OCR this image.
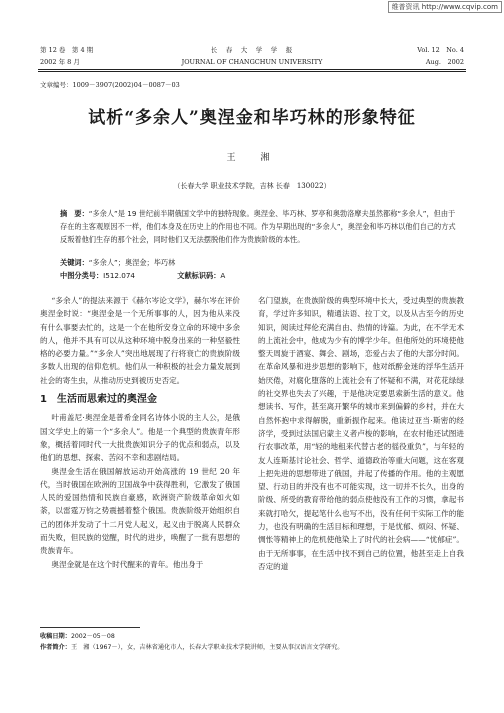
维普资讯 http://www.cqvip.com
第 12 卷　第 4 期	长　春　大　学　学　报	Vol. 12　No. 4
2002 年 8 月	JOURNAL OF CHANGCHUN UNIVERSITY	Aug.　2002
文章编号：1009－3907(2002)04－0087－03
试析“多余人”奥涅金和毕巧林的形象特征
王　湘
（长春大学 职业技术学院，吉林 长春　130022）
摘　要：“多余人”是 19 世纪前半期俄国文学中的独特现象。奥涅金、毕巧林、罗亭和奥勃洛摩夫虽然都称“多余人”，但由于存在的主客观原因不一样，他们本身及在历史上的作用也不同。作为早期出现的“多余人”，奥涅金和毕巧林以他们自己的方式反叛着他们生存的那个社会，同时他们又无法摆脱他们作为贵族阶级的本性。
关键词：“多余人”；奥涅金；毕巧林
中图分类号：I512.074	文献标识码：A

“多余人”的提法来源于《赫尔岑论文学》，赫尔岑在评价奥涅金时说：“奥涅金是一个无所事事的人，因为他从来没有什么事要去忙的，这是一个在他所安身立命的环境中多余的人，他并不具有可以从这种环境中脱身出来的一种坚毅性格的必要力量。”“多余人”突出地展现了行将衰亡的贵族阶级多数人出现的信仰危机。他们从一种积极的社会力量发展到社会的寄生虫，从推动历史到被历史否定。

1 生活而思索过的奥涅金

叶甫盖尼·奥涅金是普希金同名诗体小说的主人公，是俄国文学史上的第一个“多余人”。他是一个典型的贵族青年形象，概括着同时代一大批贵族知识分子的优点和弱点，以及他们的思想、探索、苦闷不幸和悲剧结局。

奥涅金生活在俄国解放运动开始高涨的 19 世纪 20 年代，当时俄国在欧洲的卫国战争中获得胜利，它激发了俄国人民的爱国热情和民族自豪感，欧洲资产阶级革命如火如荼，以雷霆万钧之势震撼着整个俄国。贵族阶级开始组织自己的团体并发动了十二月党人起义，起义由于脱离人民群众而失败，但民族的觉醒，时代的进步，唤醒了一批有思想的贵族青年。

奥涅金就是在这个时代醒来的青年。他出身于

名门望族，在贵族阶级的典型环境中长大，受过典型的贵族教育，学过许多知识，精通法语、拉丁文，以及从古至今的历史知识，阅读过拜伦充满自由、热情的诗篇。为此，在不学无术的上流社会中，他成为少有的博学少年。但他所处的环境使他整天周旋于酒宴、舞会、剧场，恋爱占去了他的大部分时间。在革命风暴和进步思想的影响下，他对纸醉金迷的浮华生活开始厌倦，对腐化堕落的上流社会有了怀疑和不满，对花花绿绿的社交界也失去了兴趣，于是他决定要思索新生活的意义。他想读书、写作，甚至离开繁华的城市来到偏僻的乡村，并在大自然怀抱中求得解脱，重新振作起来。他读过亚当·斯密的经济学，受到过法国启蒙主义者卢梭的影响，在农村他还试图进行农事改革，用“轻的地租来代替古老的徭役重负”，与年轻的友人连斯基讨论社会、哲学、道德政治等重大问题，这在客观上把先进的思想带进了俄国，并起了传播的作用。他的主观愿望、行动目的并没有也不可能实现，这一切并不长久，出身的阶级、所受的教育带给他的弱点使他没有工作的习惯，拿起书来就打哈欠，提起笔什么也写不出，没有任何干实际工作的能力，也没有明确的生活目标和理想，于是忧郁、烦闷、怀疑、惆怅等精神上的危机使他染上了时代的社会病——“忧郁症”。由于无所事事，在生活中找不到自己的位置，他甚至走上自我否定的道

收稿日期：2002－05－08
作者简介：王　湘（1967－），女，吉林省通化市人，长春大学职业技术学院讲师，主要从事汉语言文学研究。
